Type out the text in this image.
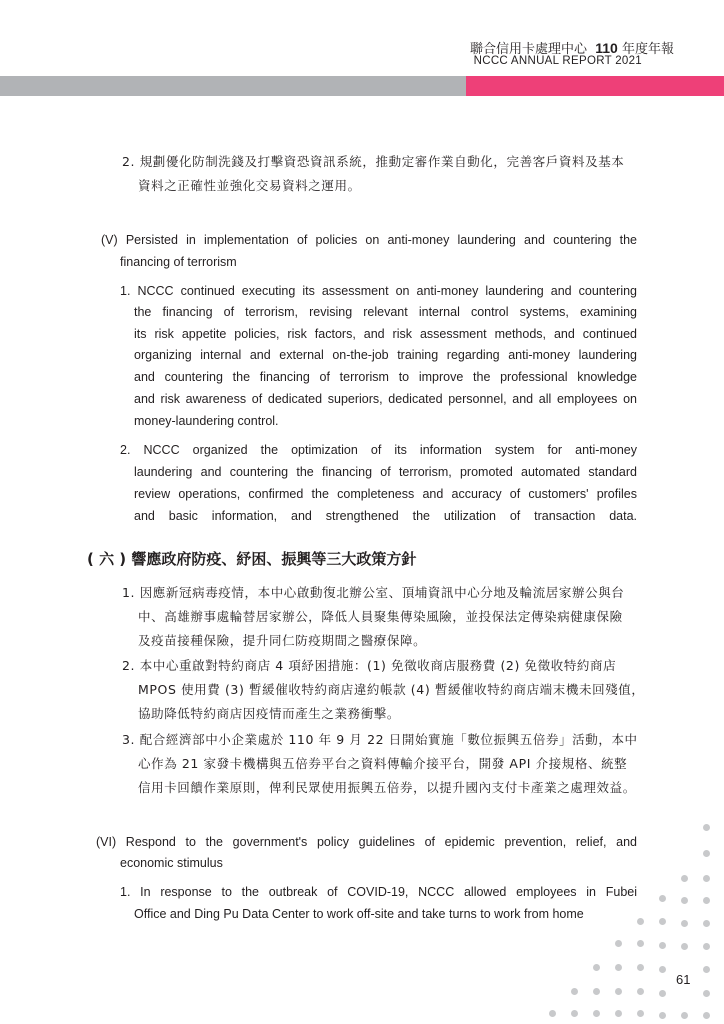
聯合信用卡處理中心 110 年度年報
NCCC ANNUAL REPORT 2021
2. 規劃優化防制洗錢及打擊資恐資訊系統，推動定審作業自動化，完善客戶資料及基本
資料之正確性並強化交易資料之運用。
(V) Persisted in implementation of policies on anti-money laundering and countering the
financing of terrorism
1. NCCC continued executing its assessment on anti-money laundering and countering
the financing of terrorism, revising relevant internal control systems, examining
its risk appetite policies, risk factors, and risk assessment methods, and continued
organizing internal and external on-the-job training regarding anti-money laundering
and countering the financing of terrorism to improve the professional knowledge
and risk awareness of dedicated superiors, dedicated personnel, and all employees on
money-laundering control.
2. NCCC organized the optimization of its information system for anti-money
laundering and countering the financing of terrorism, promoted automated standard
review operations, confirmed the completeness and accuracy of customers' profiles
and basic information, and strengthened the utilization of transaction data.
( 六 ) 響應政府防疫、紓困、振興等三大政策方針
1. 因應新冠病毒疫情，本中心啟動復北辦公室、頂埔資訊中心分地及輪流居家辦公與台
中、高雄辦事處輪替居家辦公，降低人員聚集傳染風險，並投保法定傳染病健康保險
及疫苗接種保險，提升同仁防疫期間之醫療保障。
2. 本中心重啟對特約商店 4 項紓困措施：(1) 免徵收商店服務費 (2) 免徵收特約商店
MPOS 使用費 (3) 暫緩催收特約商店違約帳款 (4) 暫緩催收特約商店端末機未回殘值，
協助降低特約商店因疫情而產生之業務衝擊。
3. 配合經濟部中小企業處於 110 年 9 月 22 日開始實施「數位振興五倍券」活動，本中
心作為 21 家發卡機構與五倍券平台之資料傳輸介接平台，開發 API 介接規格、統整
信用卡回饋作業原則，俾利民眾使用振興五倍券，以提升國內支付卡產業之處理效益。
(VI) Respond to the government's policy guidelines of epidemic prevention, relief, and
economic stimulus
1. In response to the outbreak of COVID-19, NCCC allowed employees in Fubei
Office and Ding Pu Data Center to work off-site and take turns to work from home
61
